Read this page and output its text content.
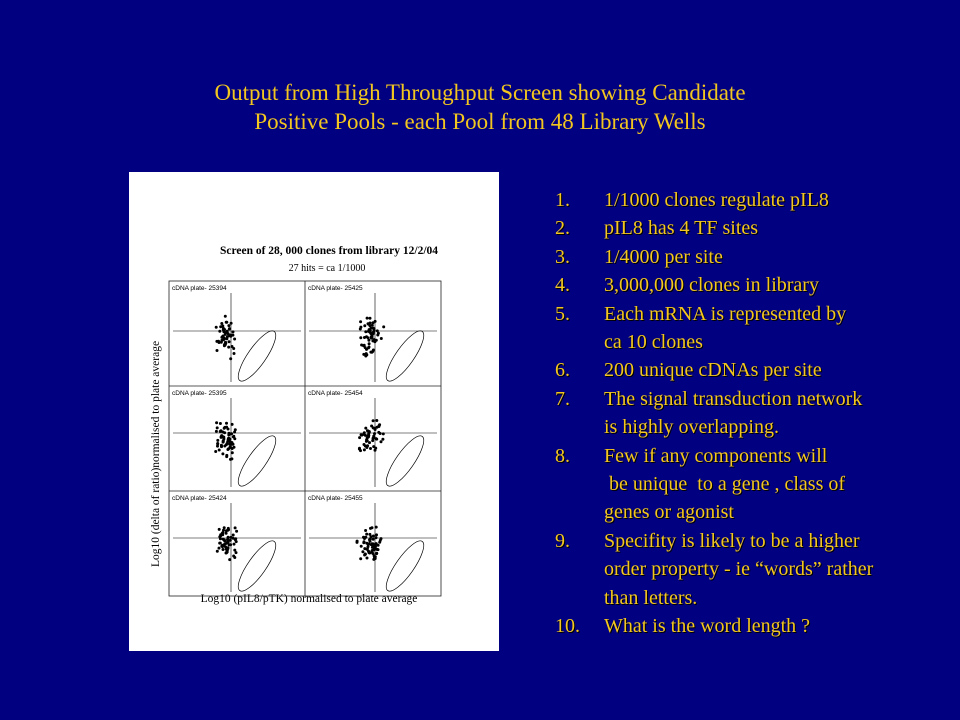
Output from High Throughput Screen showing Candidate
Positive Pools - each Pool from 48 Library Wells
Screen of 28, 000 clones from library 12/2/04
27 hits = ca 1/1000
Log10 (delta of ratio)normalised to plate average
Log10 (pIL8/pTK) normalised to plate average
cDNA plate- 25394	cDNA plate- 25425
cDNA plate- 25395	cDNA plate- 25454
cDNA plate- 25424	cDNA plate- 25455
1.	1/1000 clones regulate pIL8
2.	pIL8 has 4 TF sites
3.	1/4000 per site
4.	3,000,000 clones in library
5.	Each mRNA is represented by
ca 10 clones
6.	200 unique cDNAs per site
7.	The signal transduction network
is highly overlapping.
8.	Few if any components will
be unique  to a gene , class of
genes or agonist
9.	Specifity is likely to be a higher
order property - ie “words” rather
than letters.
10.	What is the word length ?
